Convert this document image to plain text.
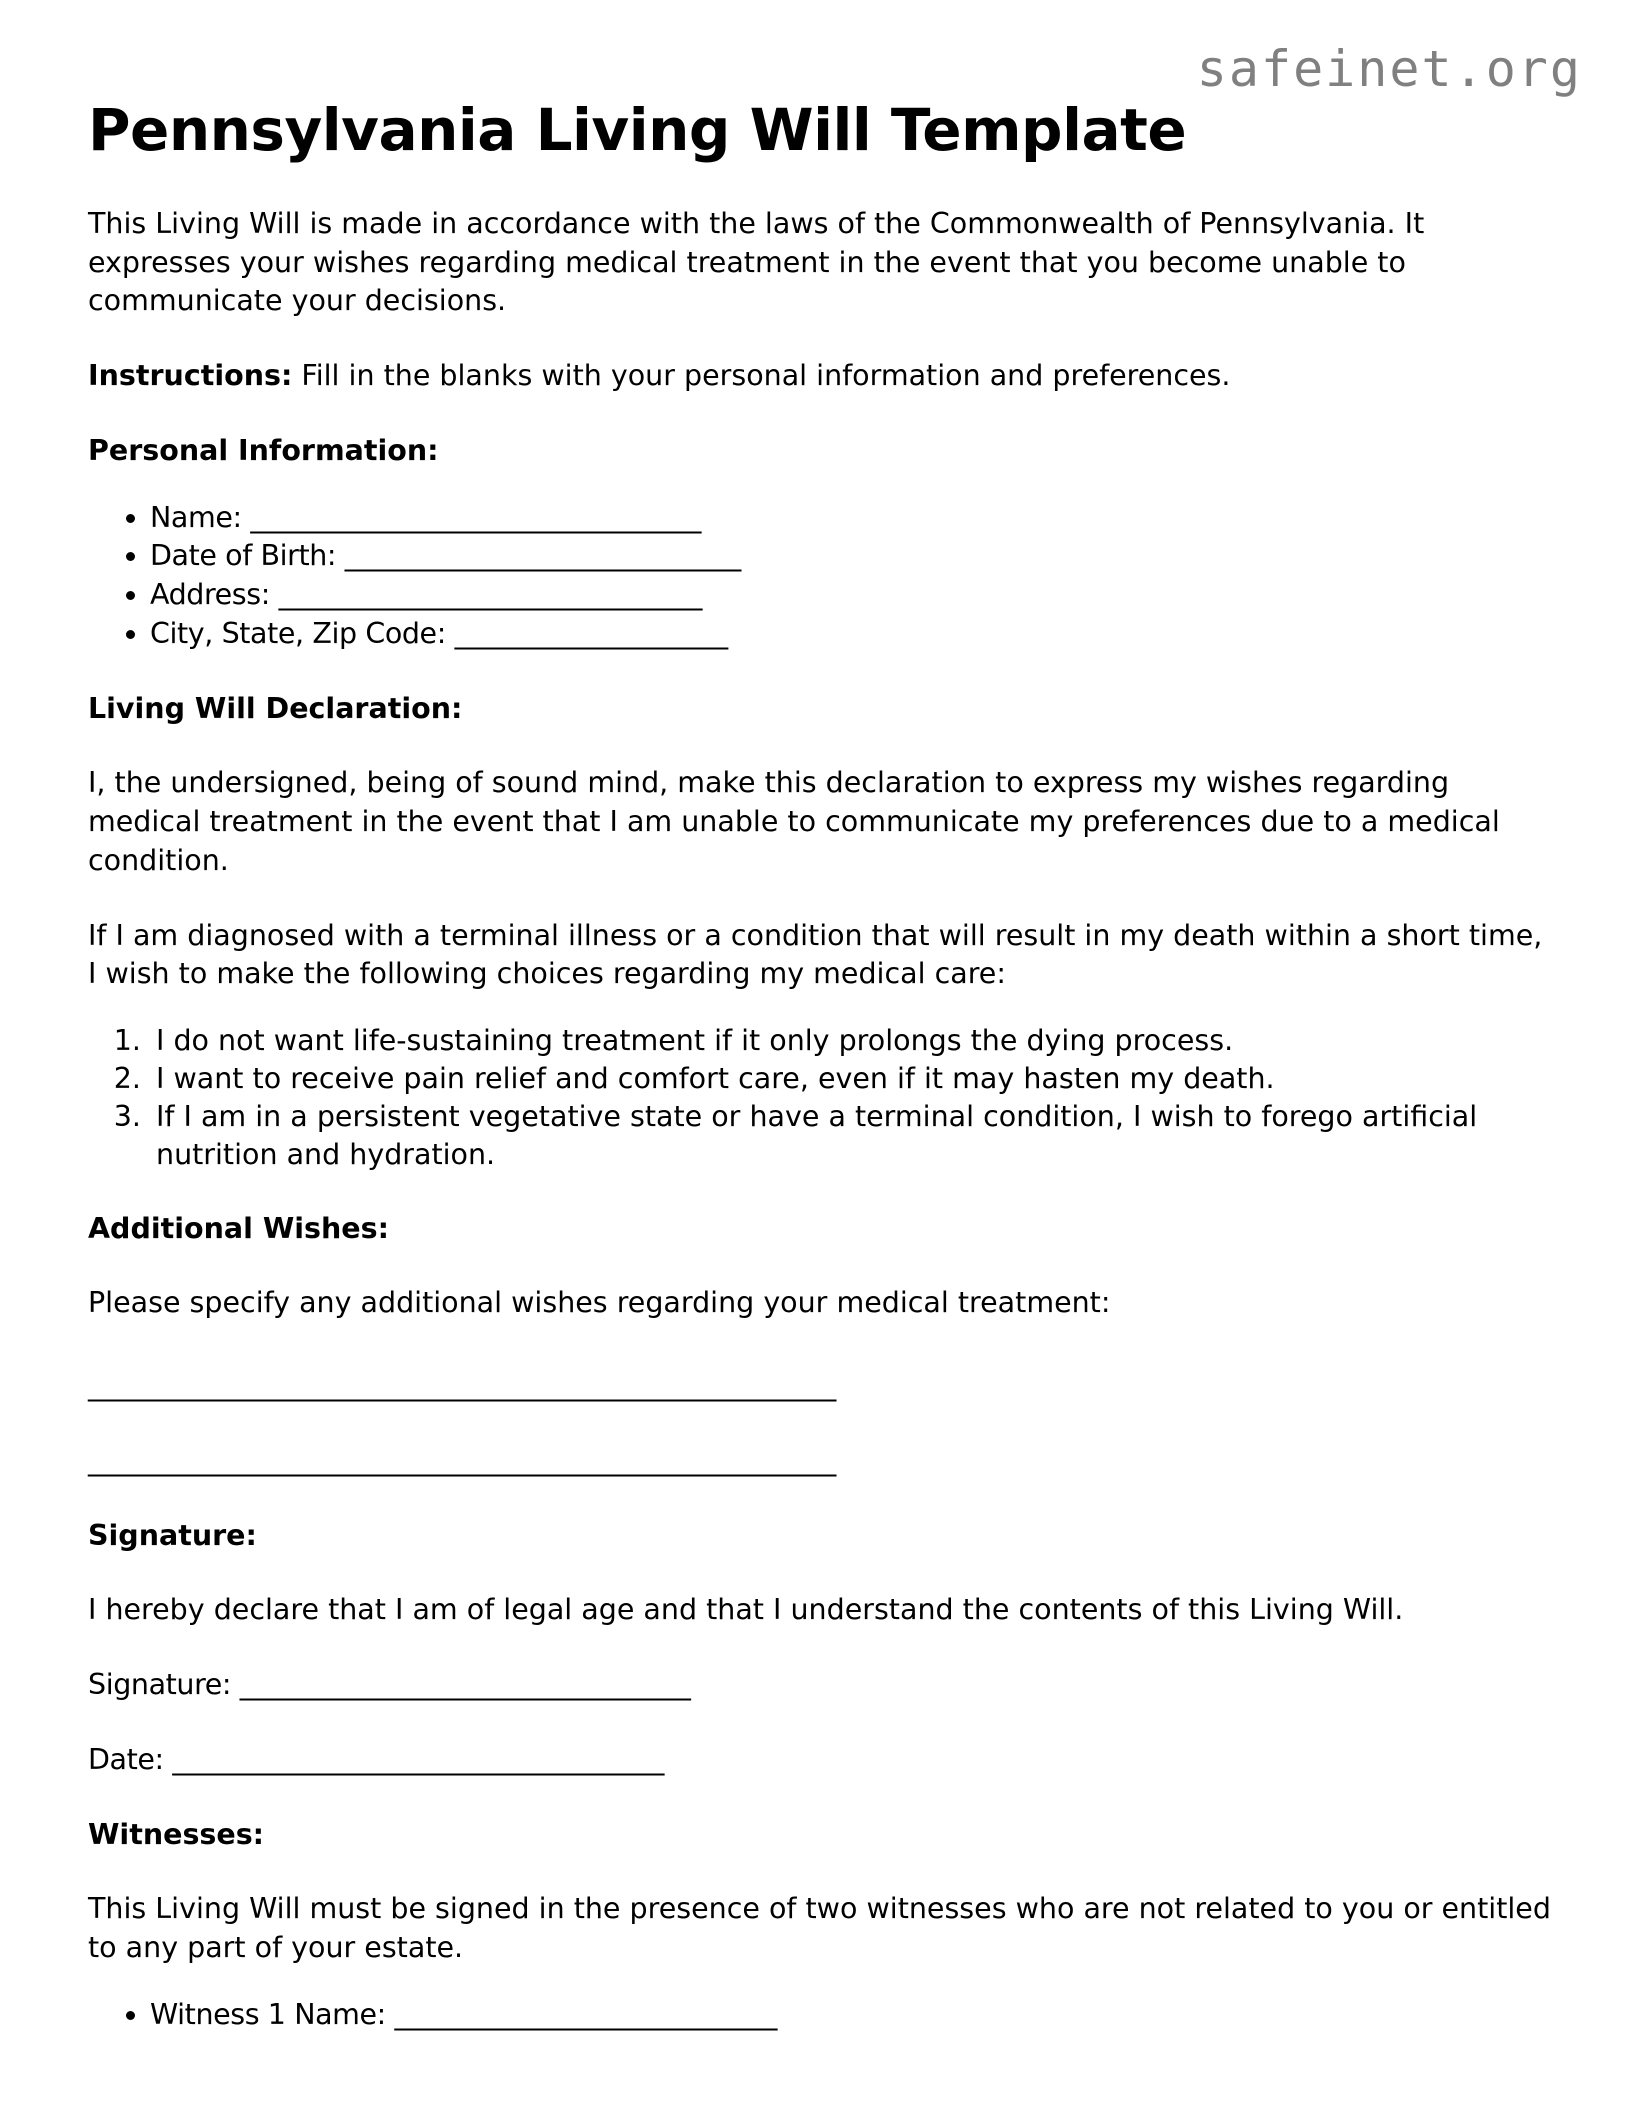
safeinet.org
Pennsylvania Living Will Template

This Living Will is made in accordance with the laws of the Commonwealth of Pennsylvania. It expresses your wishes regarding medical treatment in the event that you become unable to communicate your decisions.

Instructions: Fill in the blanks with your personal information and preferences.

Personal Information:
• Name: _________________________________
• Date of Birth: _____________________________
• Address: _______________________________
• City, State, Zip Code: ____________________
Living Will Declaration:

I, the undersigned, being of sound mind, make this declaration to express my wishes regarding medical treatment in the event that I am unable to communicate my preferences due to a medical condition.

If I am diagnosed with a terminal illness or a condition that will result in my death within a short time, I wish to make the following choices regarding my medical care:

1. I do not want life-sustaining treatment if it only prolongs the dying process.
2. I want to receive pain relief and comfort care, even if it may hasten my death.
3. If I am in a persistent vegetative state or have a terminal condition, I wish to forego artificial nutrition and hydration.
Additional Wishes:

Please specify any additional wishes regarding your medical treatment:

______________________________________________________

______________________________________________________

Signature:

I hereby declare that I am of legal age and that I understand the contents of this Living Will.

Signature: _________________________________

Date: ____________________________________

Witnesses:

This Living Will must be signed in the presence of two witnesses who are not related to you or entitled to any part of your estate.

• Witness 1 Name: ____________________________
